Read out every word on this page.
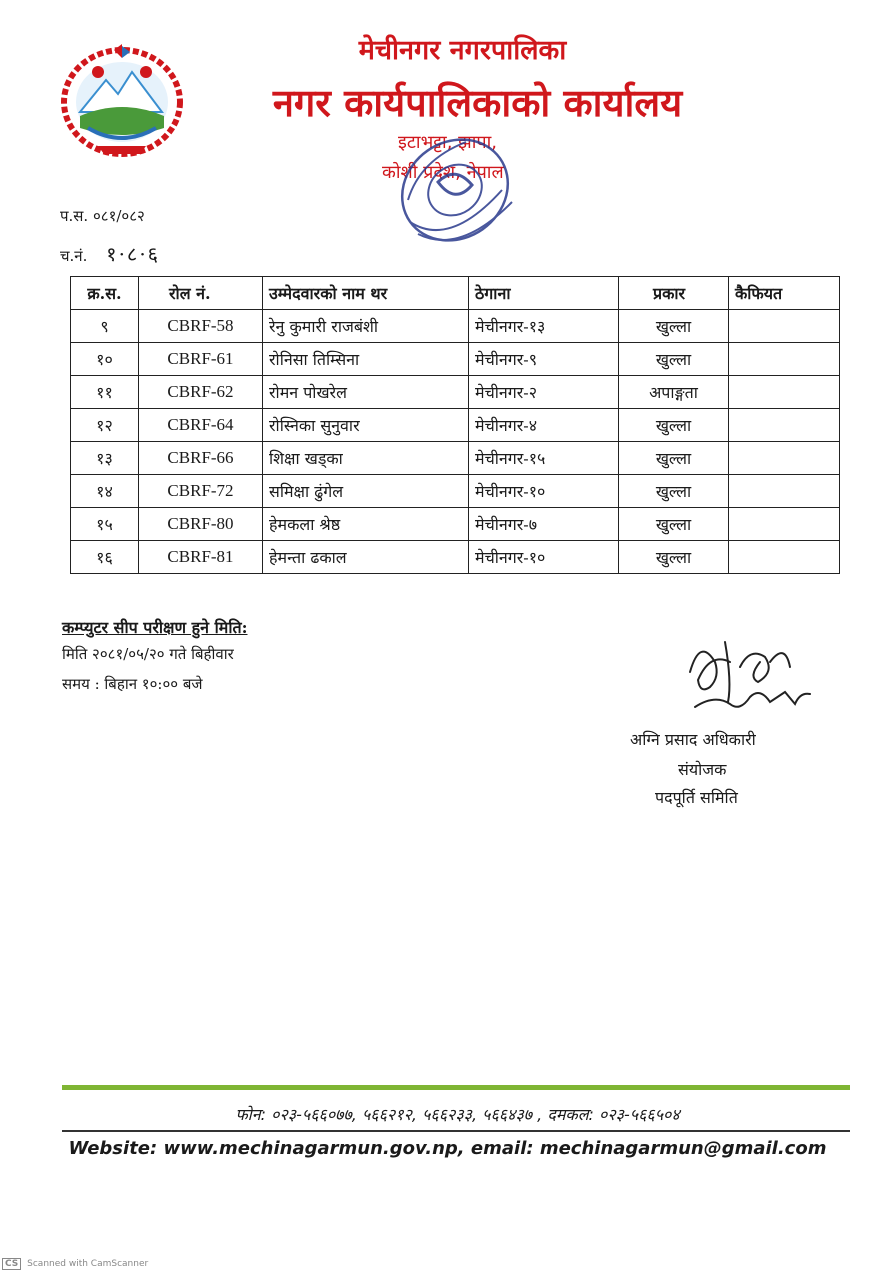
मेचीनगर नगरपालिका
नगर कार्यपालिकाको कार्यालय
इटाभट्टा, झापा,
कोशी प्रदेश, नेपाल
प.स. ०८१/०८२
च.नं. १·८·६
क्र.स.	रोल नं.	उम्मेदवारको नाम थर	ठेगाना	प्रकार	कैफियत
९	CBRF-58	रेनु कुमारी राजबंशी	मेचीनगर-१३	खुल्ला	
१०	CBRF-61	रोनिसा तिम्सिना	मेचीनगर-९	खुल्ला	
११	CBRF-62	रोमन पोखरेल	मेचीनगर-२	अपाङ्गता	
१२	CBRF-64	रोस्निका सुनुवार	मेचीनगर-४	खुल्ला	
१३	CBRF-66	शिक्षा खड्का	मेचीनगर-१५	खुल्ला	
१४	CBRF-72	समिक्षा ढुंगेल	मेचीनगर-१०	खुल्ला	
१५	CBRF-80	हेमकला श्रेष्ठ	मेचीनगर-७	खुल्ला	
१६	CBRF-81	हेमन्ता ढकाल	मेचीनगर-१०	खुल्ला	
कम्प्युटर सीप परीक्षण हुने मिति:
मिति २०८१/०५/२० गते बिहीवार
समय : बिहान १०:०० बजे
अग्नि प्रसाद अधिकारी
संयोजक
पदपूर्ति समिति
फोन: ०२३-५६६०७७, ५६६२१२, ५६६२३३, ५६६४३७ , दमकल: ०२३-५६६५०४
Website: www.mechinagarmun.gov.np, email: mechinagarmun@gmail.com
CS Scanned with CamScanner
